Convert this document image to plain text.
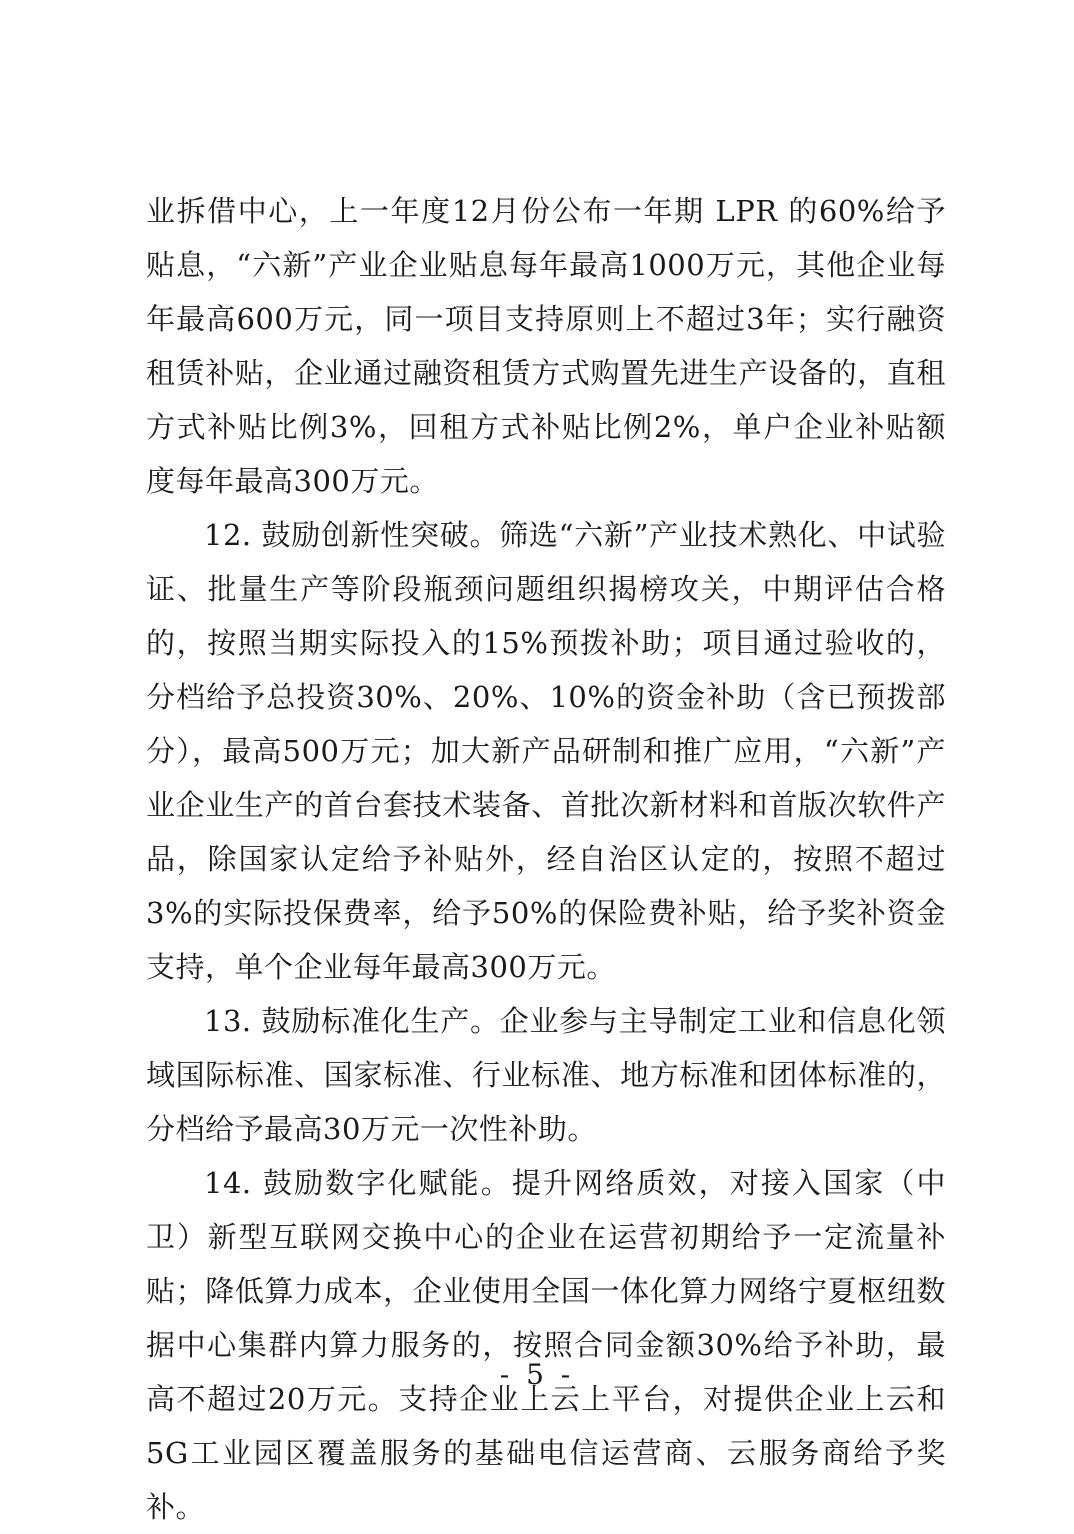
业拆借中心，上一年度12月份公布一年期 LPR 的60%给予贴息，“六新”产业企业贴息每年最高1000万元，其他企业每年最高600万元，同一项目支持原则上不超过3年；实行融资租赁补贴，企业通过融资租赁方式购置先进生产设备的，直租方式补贴比例3%，回租方式补贴比例2%，单户企业补贴额度每年最高300万元。

12. 鼓励创新性突破。筛选“六新”产业技术熟化、中试验证、批量生产等阶段瓶颈问题组织揭榜攻关，中期评估合格的，按照当期实际投入的15%预拨补助；项目通过验收的，分档给予总投资30%、20%、10%的资金补助（含已预拨部分），最高500万元；加大新产品研制和推广应用，“六新”产业企业生产的首台套技术装备、首批次新材料和首版次软件产品，除国家认定给予补贴外，经自治区认定的，按照不超过3%的实际投保费率，给予50%的保险费补贴，给予奖补资金支持，单个企业每年最高300万元。

13. 鼓励标准化生产。企业参与主导制定工业和信息化领域国际标准、国家标准、行业标准、地方标准和团体标准的，分档给予最高30万元一次性补助。

14. 鼓励数字化赋能。提升网络质效，对接入国家（中卫）新型互联网交换中心的企业在运营初期给予一定流量补贴；降低算力成本，企业使用全国一体化算力网络宁夏枢纽数据中心集群内算力服务的，按照合同金额30%给予补助，最高不超过20万元。支持企业上云上平台，对提供企业上云和5G工业园区覆盖服务的基础电信运营商、云服务商给予奖补。

- 5 -
